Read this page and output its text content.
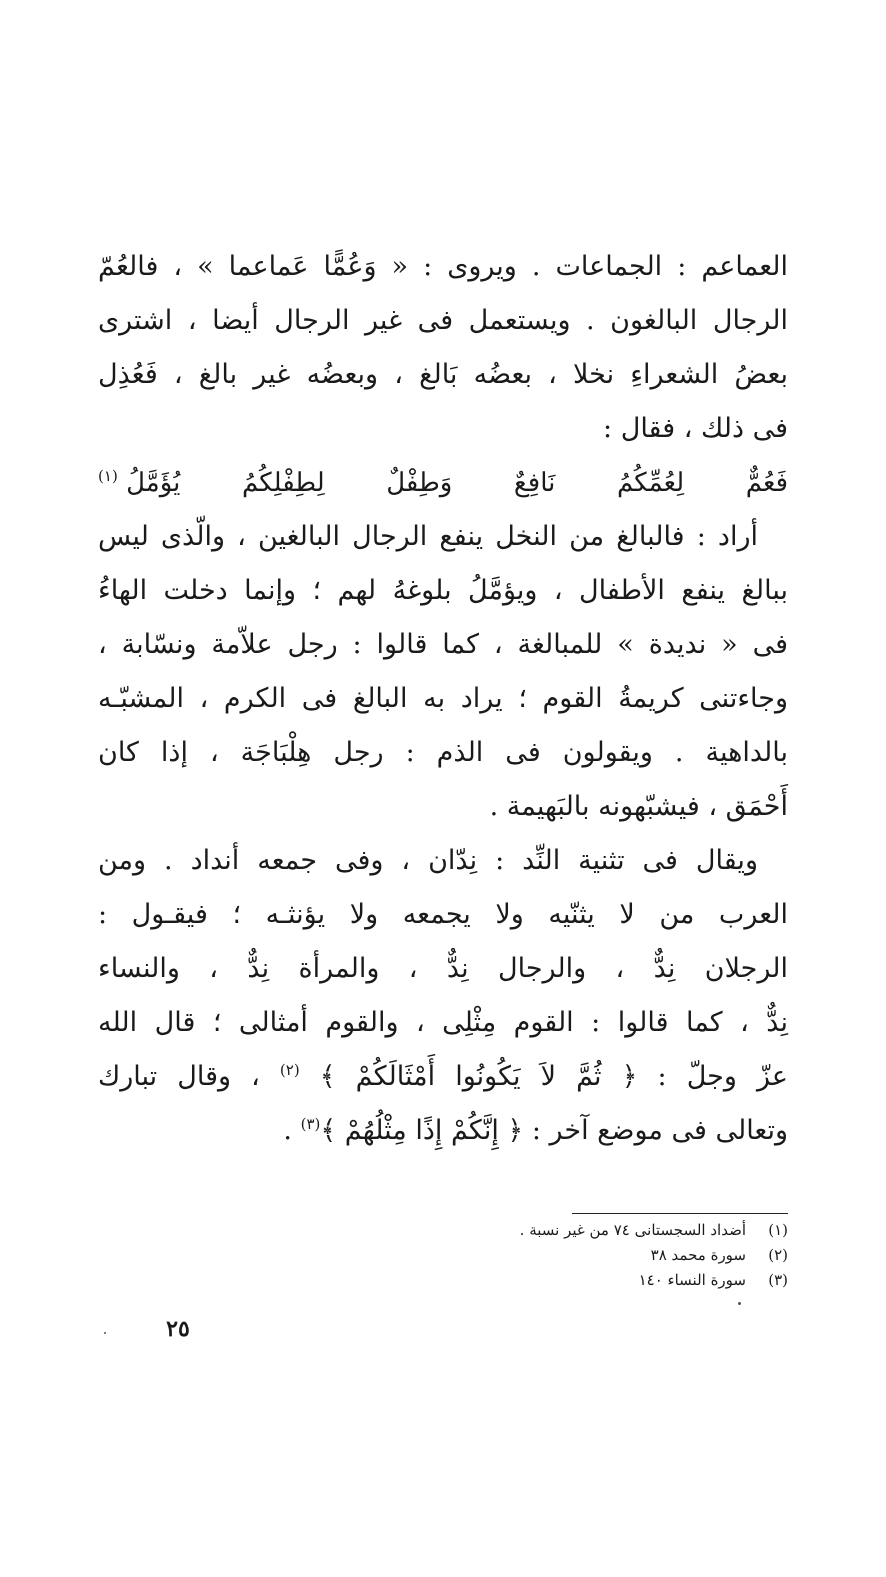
العماعم : الجماعات . ويروى : « وَعُمًّا عَماعما » ، فالعُمّ
الرجال البالغون . ويستعمل فى غير الرجال أيضا ، اشترى
بعضُ الشعراءِ نخلا ، بعضُه بَالغ ، وبعضُه غير بالغ ، فَعُذِل
فى ذلك ، فقال :
فَعُمٌّ
لِعُمِّكُمُ
نَافِعٌ
وَطِفْلٌ
لِطِفْلِكُمُ
يُؤَمَّلُ (١)
أراد : فالبالغ من النخل ينفع الرجال البالغين ، والّذى ليس
ببالغ ينفع الأطفال ، ويؤمَّلُ بلوغهُ لهم ؛ وإنما دخلت الهاءُ
فى « نديدة » للمبالغة ، كما قالوا : رجل علاّمة ونسّابة ،
وجاءتنى كريمةُ القوم ؛ يراد به البالغ فى الكرم ، المشبّـه
بالداهية . ويقولون فى الذم : رجل هِلْبَاجَة ، إذا كان
أَحْمَق ، فيشبّهونه بالبَهيمة .
ويقال فى تثنية النِّد : نِدّان ، وفى جمعه أنداد . ومن
العرب من لا يثنّيه ولا يجمعه ولا يؤنثـه ؛ فيقـول :
الرجلان نِدٌّ ، والرجال نِدٌّ ، والمرأة نِدٌّ ، والنساء
نِدٌّ ، كما قالوا : القوم مِثْلِى ، والقوم أمثالى ؛ قال الله
عزّ وجلّ : ﴿ ثُمَّ لاَ يَكُونُوا أَمْثَالَكُمْ ﴾ $^{(٢)}$ ، وقال تبارك
وتعالى فى موضع آخر : ﴿ إِنَّكُمْ إِذًا مِثْلُهُمْ ﴾$^{(٣)}$ .
(١)
أضداد السجستانى ٧٤ من غير نسبة .
(٢)
سورة محمد ٣٨
(٣)
سورة النساء ١٤٠
٢٥
